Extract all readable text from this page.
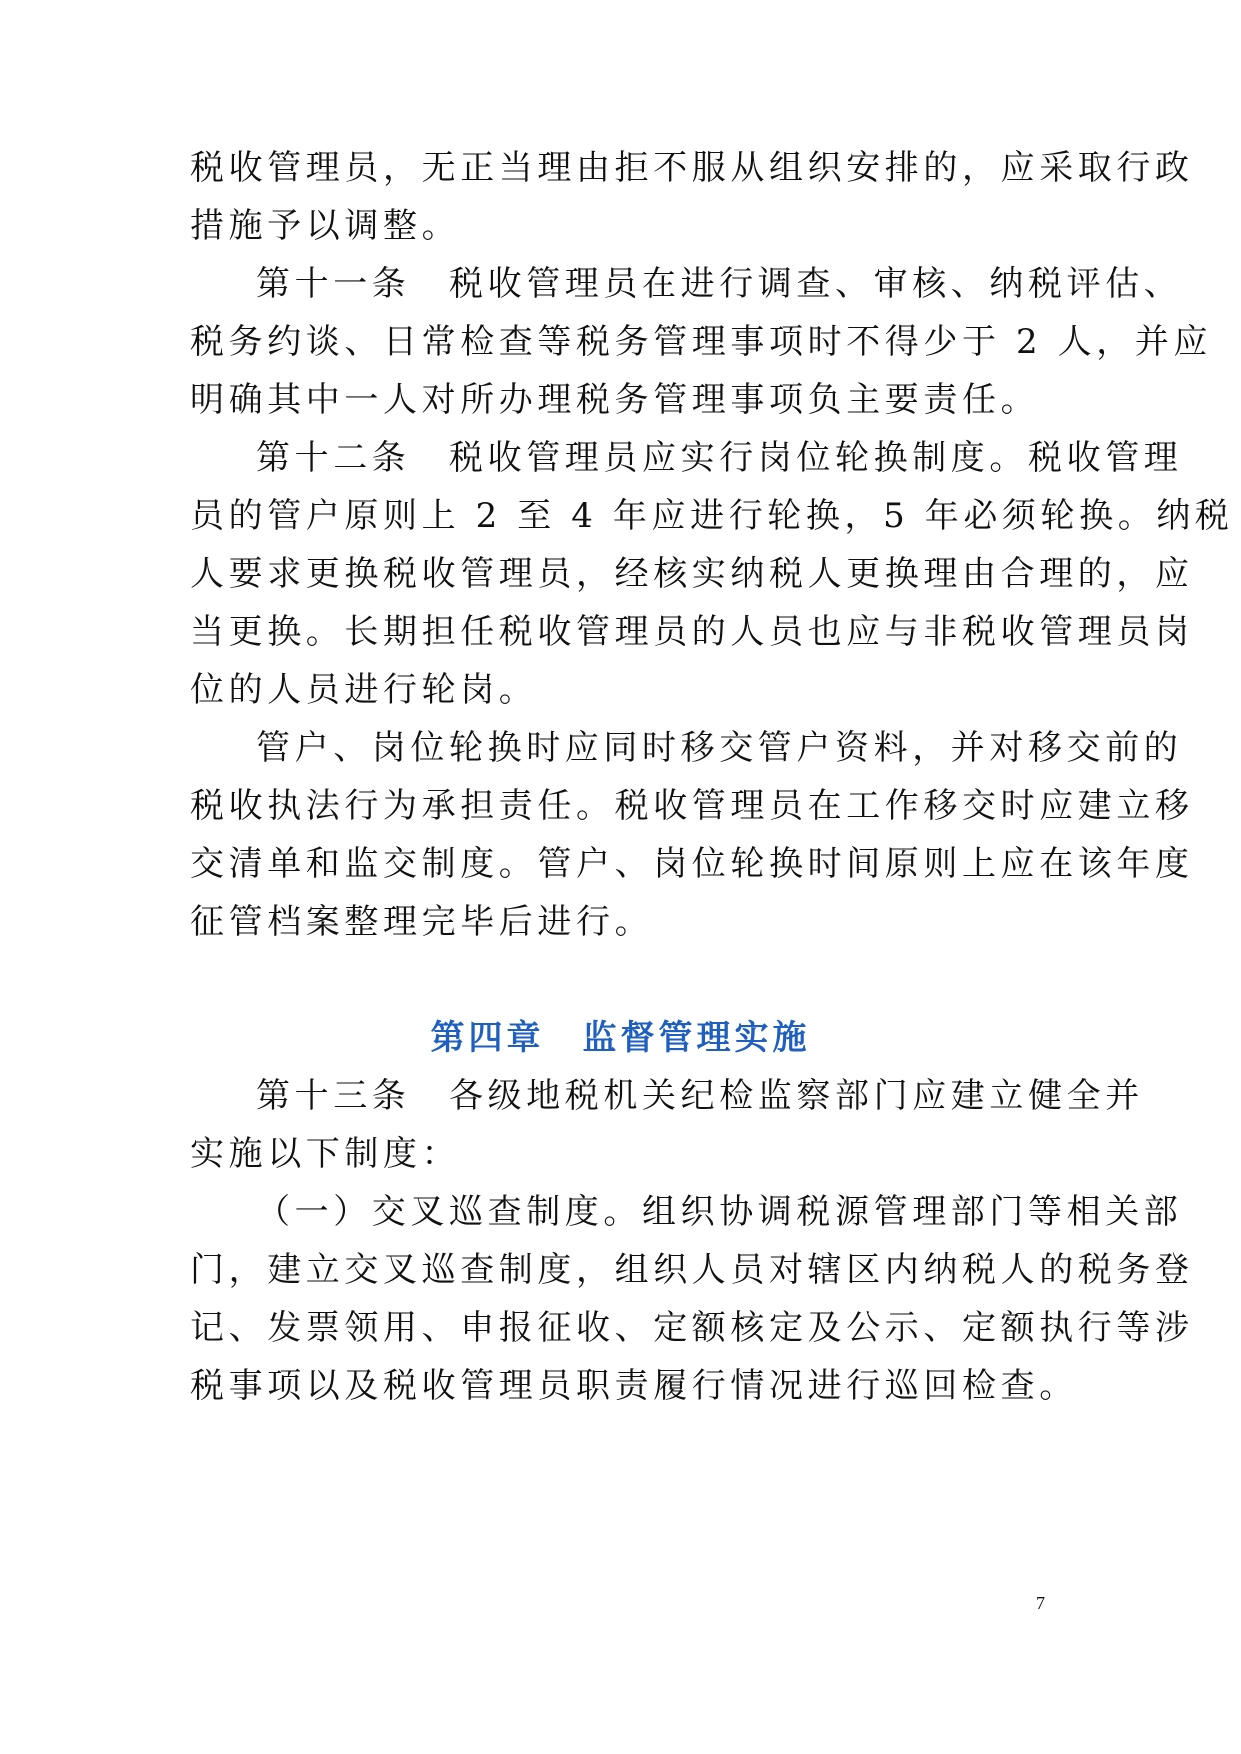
税收管理员，无正当理由拒不服从组织安排的，应采取行政
措施予以调整。
第十一条　税收管理员在进行调查、审核、纳税评估、
税务约谈、日常检查等税务管理事项时不得少于 2 人，并应
明确其中一人对所办理税务管理事项负主要责任。
第十二条　税收管理员应实行岗位轮换制度。税收管理
员的管户原则上 2 至 4 年应进行轮换，5 年必须轮换。纳税
人要求更换税收管理员，经核实纳税人更换理由合理的，应
当更换。长期担任税收管理员的人员也应与非税收管理员岗
位的人员进行轮岗。
管户、岗位轮换时应同时移交管户资料，并对移交前的
税收执法行为承担责任。税收管理员在工作移交时应建立移
交清单和监交制度。管户、岗位轮换时间原则上应在该年度
征管档案整理完毕后进行。
第四章　监督管理实施
第十三条　各级地税机关纪检监察部门应建立健全并
实施以下制度：
（一）交叉巡查制度。组织协调税源管理部门等相关部
门，建立交叉巡查制度，组织人员对辖区内纳税人的税务登
记、发票领用、申报征收、定额核定及公示、定额执行等涉
税事项以及税收管理员职责履行情况进行巡回检查。
7
